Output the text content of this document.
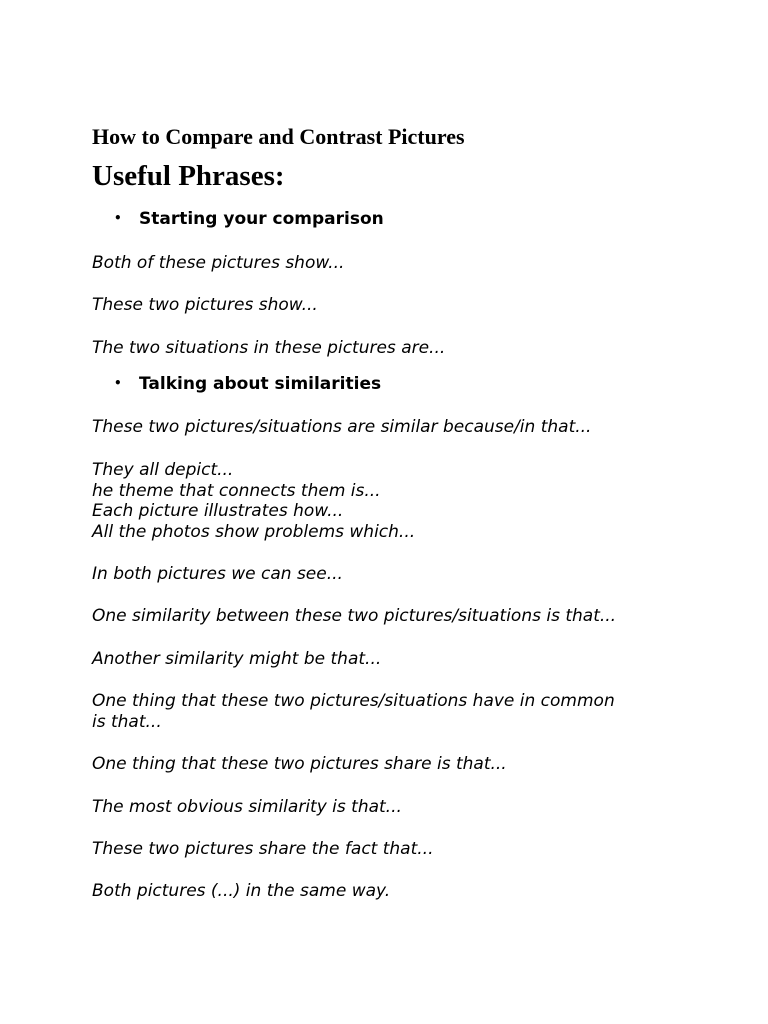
How to Compare and Contrast Pictures
Useful Phrases:
• Starting your comparison

Both of these pictures show...

These two pictures show...

The two situations in these pictures are...

• Talking about similarities

These two pictures/situations are similar because/in that...

They all depict...
he theme that connects them is...
Each picture illustrates how...
All the photos show problems which...

In both pictures we can see...

One similarity between these two pictures/situations is that...

Another similarity might be that...

One thing that these two pictures/situations have in common
is that...

One thing that these two pictures share is that...

The most obvious similarity is that...

These two pictures share the fact that...

Both pictures (...) in the same way.
